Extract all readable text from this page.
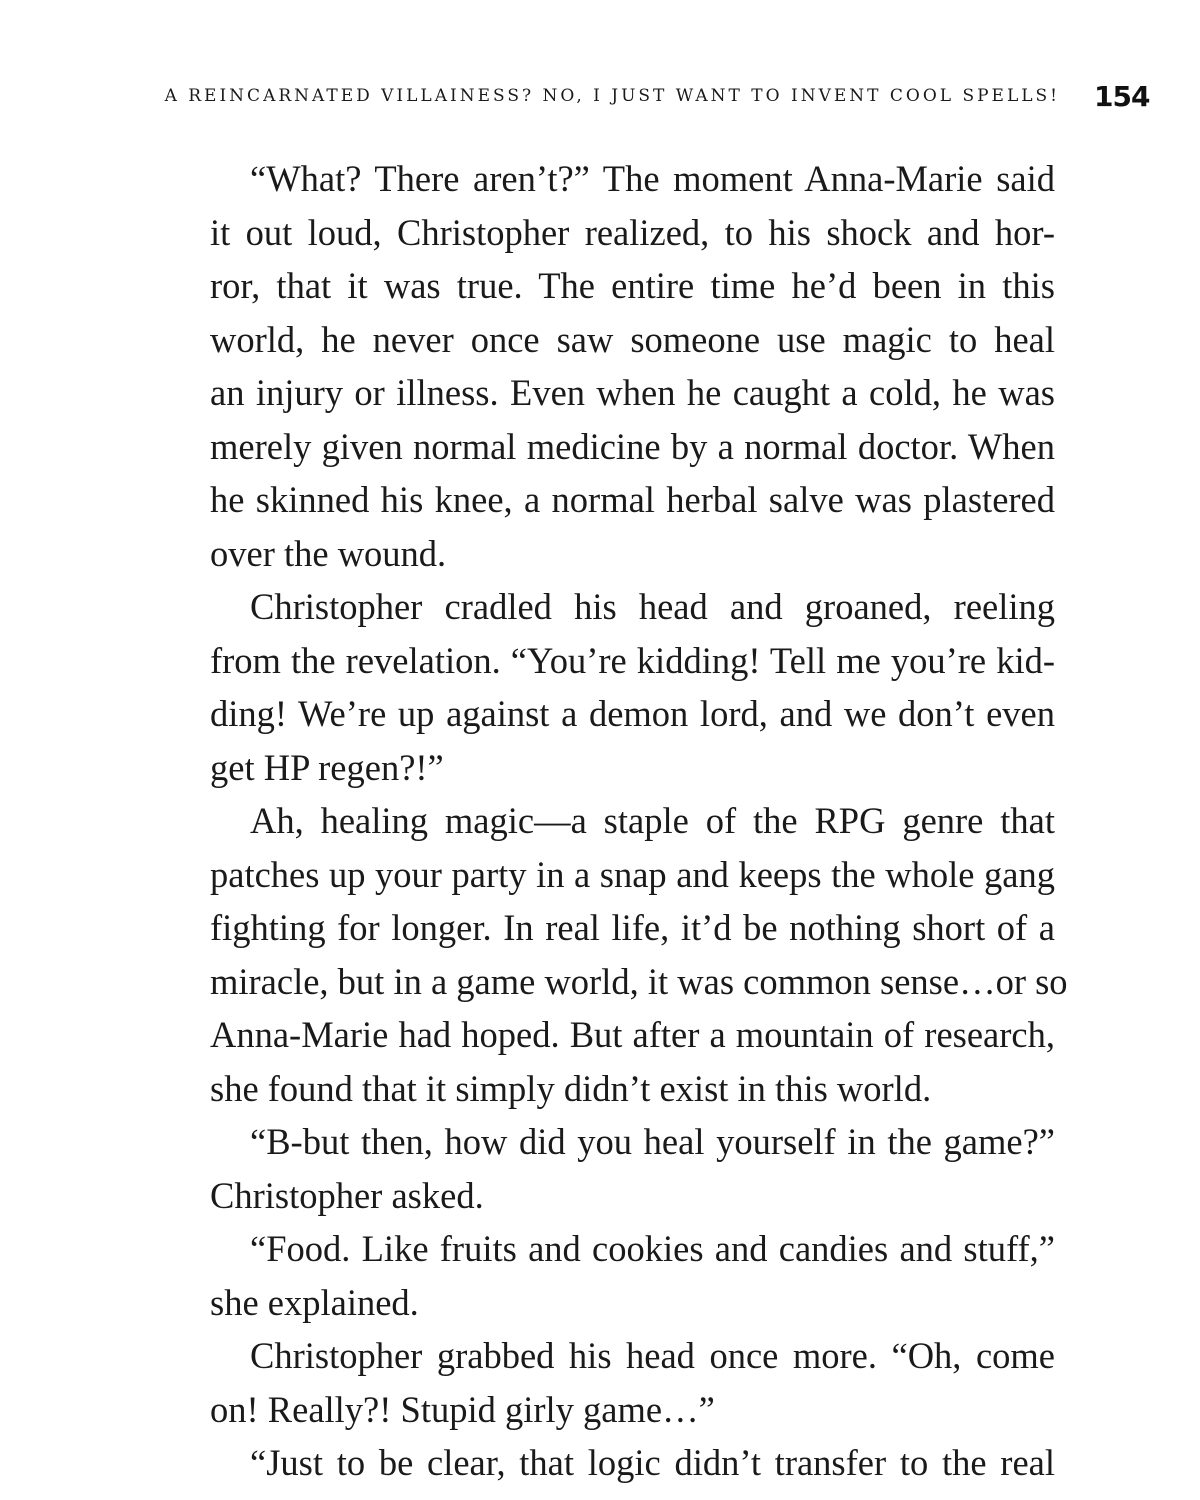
A REINCARNATED VILLAINESS? NO, I JUST WANT TO INVENT COOL SPELLS! 154
“What? There aren’t?” The moment Anna-Marie said
it out loud, Christopher realized, to his shock and hor-
ror, that it was true. The entire time he’d been in this
world, he never once saw someone use magic to heal
an injury or illness. Even when he caught a cold, he was
merely given normal medicine by a normal doctor. When
he skinned his knee, a normal herbal salve was plastered
over the wound.
Christopher cradled his head and groaned, reeling
from the revelation. “You’re kidding! Tell me you’re kid-
ding! We’re up against a demon lord, and we don’t even
get HP regen?!”
Ah, healing magic—a staple of the RPG genre that
patches up your party in a snap and keeps the whole gang
fighting for longer. In real life, it’d be nothing short of a
miracle, but in a game world, it was common sense…or so
Anna-Marie had hoped. But after a mountain of research,
she found that it simply didn’t exist in this world.
“B-but then, how did you heal yourself in the game?”
Christopher asked.
“Food. Like fruits and cookies and candies and stuff,”
she explained.
Christopher grabbed his head once more. “Oh, come
on! Really?! Stupid girly game…”
“Just to be clear, that logic didn’t transfer to the real
